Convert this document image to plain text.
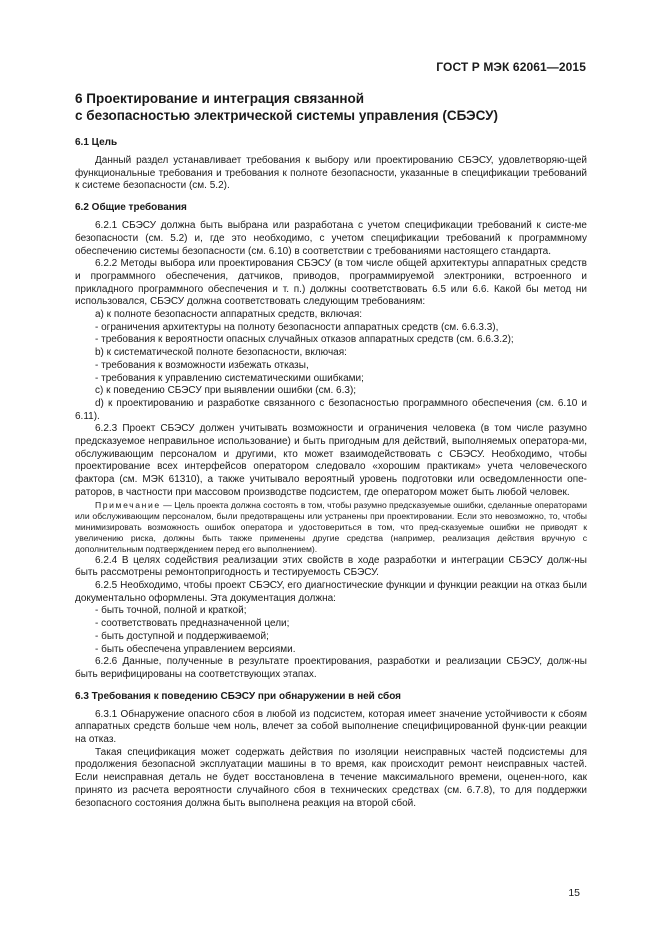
ГОСТ Р МЭК 62061—2015
6 Проектирование и интеграция связанной
с безопасностью электрической системы управления (СБЭСУ)
6.1 Цель

Данный раздел устанавливает требования к выбору или проектированию СБЭСУ, удовлетворяю-щей функциональные требования и требования к полноте безопасности, указанные в спецификации требований к системе безопасности (см. 5.2).

6.2 Общие требования

6.2.1 СБЭСУ должна быть выбрана или разработана с учетом спецификации требований к систе-ме безопасности (см. 5.2) и, где это необходимо, с учетом спецификации требований к программному обеспечению системы безопасности (см. 6.10) в соответствии с требованиями настоящего стандарта.

6.2.2 Методы выбора или проектирования СБЭСУ (в том числе общей архитектуры аппаратных средств и программного обеспечения, датчиков, приводов, программируемой электроники, встроенного и прикладного программного обеспечения и т. п.) должны соответствовать 6.5 или 6.6. Какой бы метод ни использовался, СБЭСУ должна соответствовать следующим требованиям:

a) к полноте безопасности аппаратных средств, включая:

- ограничения архитектуры на полноту безопасности аппаратных средств (см. 6.6.3.3),

- требования к вероятности опасных случайных отказов аппаратных средств (см. 6.6.3.2);

b) к систематической полноте безопасности, включая:

- требования к возможности избежать отказы,

- требования к управлению систематическими ошибками;

c) к поведению СБЭСУ при выявлении ошибки (см. 6.3);

d) к проектированию и разработке связанного с безопасностью программного обеспечения (см. 6.10 и 6.11).

6.2.3 Проект СБЭСУ должен учитывать возможности и ограничения человека (в том числе разумно предсказуемое неправильное использование) и быть пригодным для действий, выполняемых оператора-ми, обслуживающим персоналом и другими, кто может взаимодействовать с СБЭСУ. Необходимо, чтобы проектирование всех интерфейсов оператором следовало «хорошим практикам» учета человеческого фактора (см. МЭК 61310), а также учитывало вероятный уровень подготовки или осведомленности опе-раторов, в частности при массовом производстве подсистем, где оператором может быть любой человек.

Примечание — Цель проекта должна состоять в том, чтобы разумно предсказуемые ошибки, сделанные операторами или обслуживающим персоналом, были предотвращены или устранены при проектировании. Если это невозможно, то, чтобы минимизировать возможность ошибок оператора и удостовериться в том, что пред-сказуемые ошибки не приводят к увеличению риска, должны быть также применены другие средства (например, реализация действия вручную с дополнительным подтверждением перед его выполнением).

6.2.4 В целях содействия реализации этих свойств в ходе разработки и интеграции СБЭСУ долж-ны быть рассмотрены ремонтопригодность и тестируемость СБЭСУ.

6.2.5 Необходимо, чтобы проект СБЭСУ, его диагностические функции и функции реакции на отказ были документально оформлены. Эта документация должна:

- быть точной, полной и краткой;

- соответствовать предназначенной цели;

- быть доступной и поддерживаемой;

- быть обеспечена управлением версиями.

6.2.6 Данные, полученные в результате проектирования, разработки и реализации СБЭСУ, долж-ны быть верифицированы на соответствующих этапах.

6.3 Требования к поведению СБЭСУ при обнаружении в ней сбоя

6.3.1 Обнаружение опасного сбоя в любой из подсистем, которая имеет значение устойчивости к сбоям аппаратных средств больше чем ноль, влечет за собой выполнение специфицированной функ-ции реакции на отказ.

Такая спецификация может содержать действия по изоляции неисправных частей подсистемы для продолжения безопасной эксплуатации машины в то время, как происходит ремонт неисправных частей. Если неисправная деталь не будет восстановлена в течение максимального времени, оценен-ного, как принято из расчета вероятности случайного сбоя в технических средствах (см. 6.7.8), то для поддержки безопасного состояния должна быть выполнена реакция на второй сбой.

15
